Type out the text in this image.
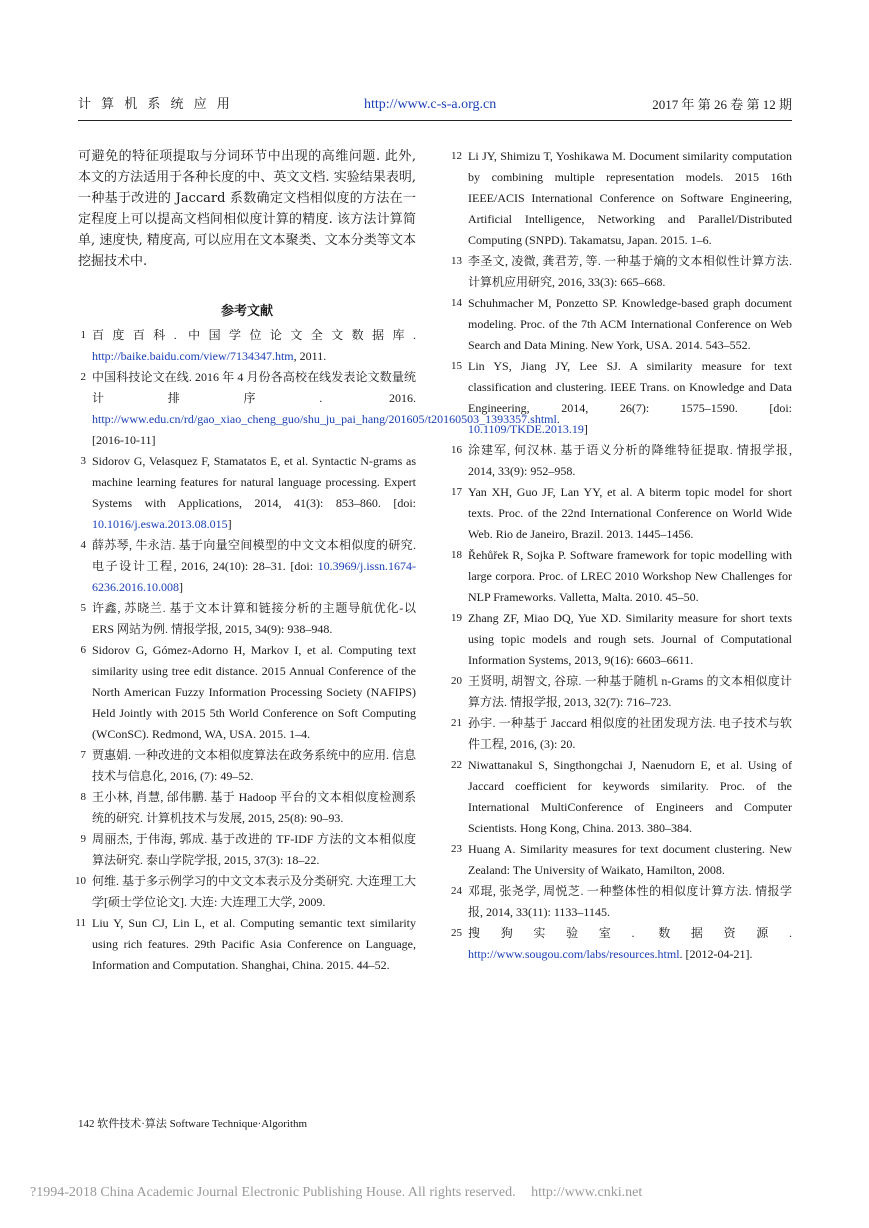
计 算 机 系 统 应 用	http://www.c-s-a.org.cn	2017 年 第 26 卷 第 12 期

可避免的特征项提取与分词环节中出现的高维问题. 此外, 本文的方法适用于各种长度的中、英文文档. 实验结果表明, 一种基于改进的 Jaccard 系数确定文档相似度的方法在一定程度上可以提高文档间相似度计算的精度. 该方法计算简单, 速度快, 精度高, 可以应用在文本聚类、文本分类等文本挖掘技术中.

参考文献
1 百度百科. 中国学位论文全文数据库. http://baike.baidu.com/view/7134347.htm, 2011.
2 中国科技论文在线. 2016 年 4 月份各高校在线发表论文数量统计排序. 2016. http://www.edu.cn/rd/gao_xiao_cheng_guo/shu_ju_pai_hang/201605/t20160503_1393357.shtml. [2016-10-11]
3 Sidorov G, Velasquez F, Stamatatos E, et al. Syntactic N-grams as machine learning features for natural language processing. Expert Systems with Applications, 2014, 41(3): 853–860. [doi: 10.1016/j.eswa.2013.08.015]
4 薛苏琴, 牛永洁. 基于向量空间模型的中文文本相似度的研究. 电子设计工程, 2016, 24(10): 28–31. [doi: 10.3969/j.issn.1674-6236.2016.10.008]
5 许鑫, 苏晓兰. 基于文本计算和链接分析的主题导航优化-以 ERS 网站为例. 情报学报, 2015, 34(9): 938–948.
6 Sidorov G, Gómez-Adorno H, Markov I, et al. Computing text similarity using tree edit distance. 2015 Annual Conference of the North American Fuzzy Information Processing Society (NAFIPS) Held Jointly with 2015 5th World Conference on Soft Computing (WConSC). Redmond, WA, USA. 2015. 1–4.
7 贾惠娟. 一种改进的文本相似度算法在政务系统中的应用. 信息技术与信息化, 2016, (7): 49–52.
8 王小林, 肖慧, 邰伟鹏. 基于 Hadoop 平台的文本相似度检测系统的研究. 计算机技术与发展, 2015, 25(8): 90–93.
9 周丽杰, 于伟海, 郭成. 基于改进的 TF-IDF 方法的文本相似度算法研究. 泰山学院学报, 2015, 37(3): 18–22.
10 何维. 基于多示例学习的中文文本表示及分类研究. 大连理工大学[硕士学位论文]. 大连: 大连理工大学, 2009.
11 Liu Y, Sun CJ, Lin L, et al. Computing semantic text similarity using rich features. 29th Pacific Asia Conference on Language, Information and Computation. Shanghai, China. 2015. 44–52.
12 Li JY, Shimizu T, Yoshikawa M. Document similarity computation by combining multiple representation models. 2015 16th IEEE/ACIS International Conference on Software Engineering, Artificial Intelligence, Networking and Parallel/Distributed Computing (SNPD). Takamatsu, Japan. 2015. 1–6.
13 李圣文, 凌微, 龚君芳, 等. 一种基于熵的文本相似性计算方法. 计算机应用研究, 2016, 33(3): 665–668.
14 Schuhmacher M, Ponzetto SP. Knowledge-based graph document modeling. Proc. of the 7th ACM International Conference on Web Search and Data Mining. New York, USA. 2014. 543–552.
15 Lin YS, Jiang JY, Lee SJ. A similarity measure for text classification and clustering. IEEE Trans. on Knowledge and Data Engineering, 2014, 26(7): 1575–1590. [doi: 10.1109/TKDE.2013.19]
16 涂建军, 何汉林. 基于语义分析的降维特征提取. 情报学报, 2014, 33(9): 952–958.
17 Yan XH, Guo JF, Lan YY, et al. A biterm topic model for short texts. Proc. of the 22nd International Conference on World Wide Web. Rio de Janeiro, Brazil. 2013. 1445–1456.
18 Řehůřek R, Sojka P. Software framework for topic modelling with large corpora. Proc. of LREC 2010 Workshop New Challenges for NLP Frameworks. Valletta, Malta. 2010. 45–50.
19 Zhang ZF, Miao DQ, Yue XD. Similarity measure for short texts using topic models and rough sets. Journal of Computational Information Systems, 2013, 9(16): 6603–6611.
20 王贤明, 胡智文, 谷琼. 一种基于随机 n-Grams 的文本相似度计算方法. 情报学报, 2013, 32(7): 716–723.
21 孙宇. 一种基于 Jaccard 相似度的社团发现方法. 电子技术与软件工程, 2016, (3): 20.
22 Niwattanakul S, Singthongchai J, Naenudorn E, et al. Using of Jaccard coefficient for keywords similarity. Proc. of the International MultiConference of Engineers and Computer Scientists. Hong Kong, China. 2013. 380–384.
23 Huang A. Similarity measures for text document clustering. New Zealand: The University of Waikato, Hamilton, 2008.
24 邓琨, 张尧学, 周悦芝. 一种整体性的相似度计算方法. 情报学报, 2014, 33(11): 1133–1145.
25 搜狗实验室. 数据资源. http://www.sougou.com/labs/resources.html. [2012-04-21].
142 软件技术·算法 Software Technique·Algorithm
?1994-2018 China Academic Journal Electronic Publishing House. All rights reserved. http://www.cnki.net
